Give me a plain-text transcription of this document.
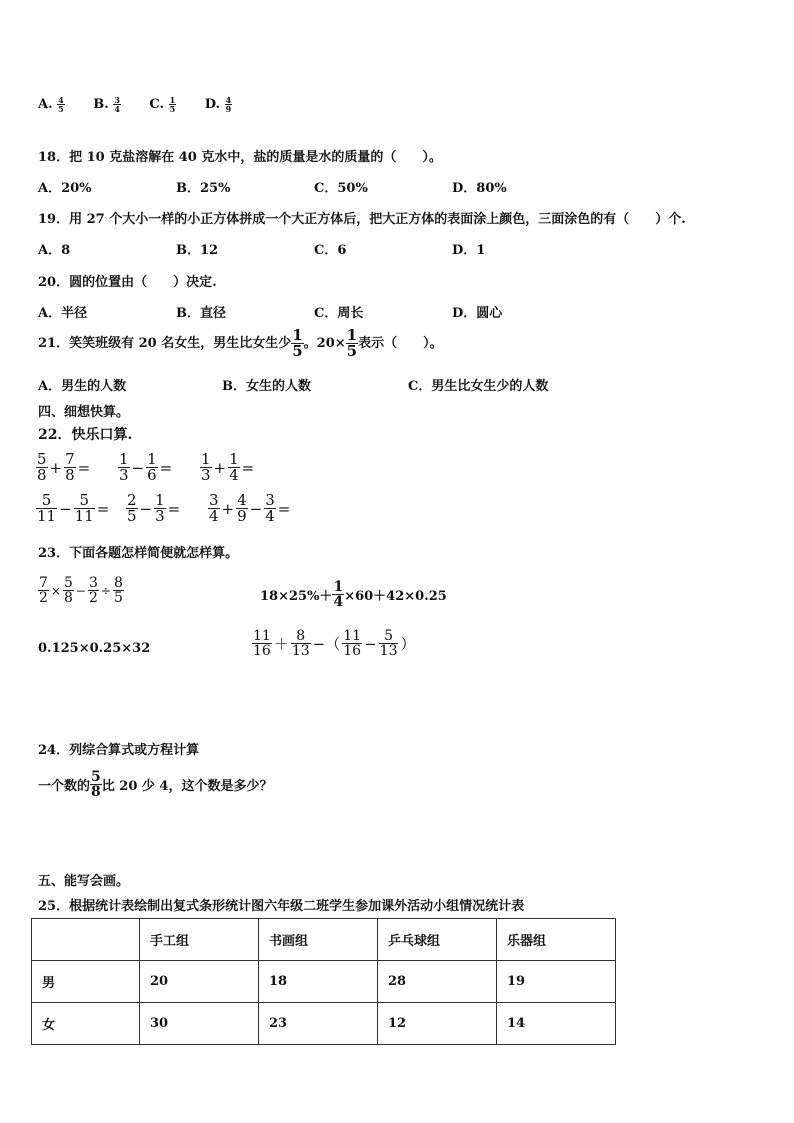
A. $\frac{4}{5} B$. $\frac{3}{4} C$. $\frac{1}{5} D$. $\frac{4}{9}$
18．把 10 克盐溶解在 40 克水中，盐的质量是水的质量的（　　）。
A．20%	B．25%	C．50%	D．80%
19．用 27 个大小一样的小正方体拼成一个大正方体后，把大正方体的表面涂上颜色，三面涂色的有（　　）个.
A．8	B．12	C．6	D．1
20．圆的位置由（　　）决定.
A．半径	B．直径	C．周长	D．圆心
21．笑笑班级有 20 名女生，男生比女生少 $\frac{1}{5}$ 。$20\times \frac{1}{5}$ 表示（　　）。
A．男生的人数	B．女生的人数	C．男生比女生少的人数
四、细想快算。
22．快乐口算.
$\frac{5}{8} + \frac{7}{8} = \frac{1}{3} - \frac{1}{6} = \frac{1}{3} + \frac{1}{4}$ =
$\frac{5}{11} - \frac{5}{11} = \frac{2}{5} - \frac{1}{3} = \frac{3}{4} + \frac{4}{9} - \frac{3}{4}$ =
23．下面各题怎样简便就怎样算。
$\frac{7}{2} \times \frac{5}{8} - \frac{3}{2} \div \frac{8}{5}$	$18\times 25\%+ \frac{1}{4} \times 60+42\times 0.25$
0.125×0.25×32	$\frac{11}{16} + \frac{8}{13}$ −（ $\frac{11}{16} - \frac{5}{13}$ ）
24．列综合算式或方程计算
一个数的 $\frac{5}{8}$ 比 20 少 4，这个数是多少？
五、能写会画。
25．根据统计表绘制出复式条形统计图六年级二班学生参加课外活动小组情况统计表
	手工组	书画组	乒乓球组	乐器组
男	20	18	28	19
女	30	23	12	14
